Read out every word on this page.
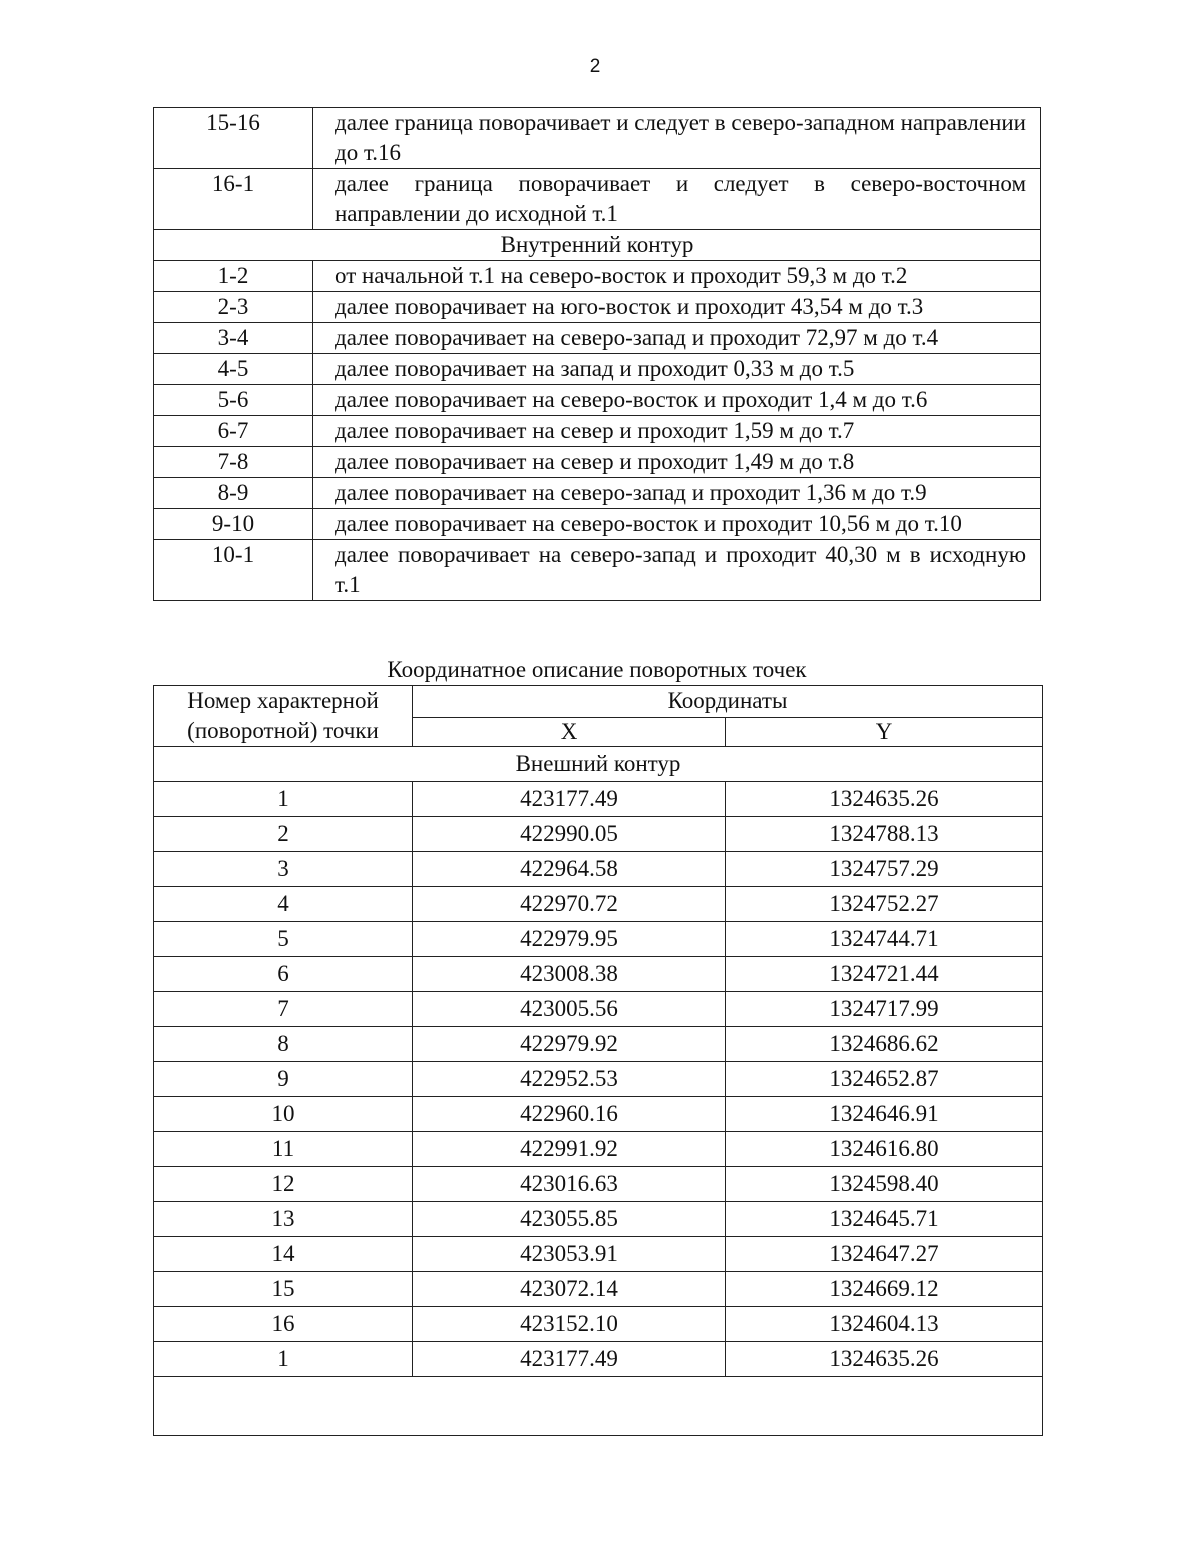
2
15-16	далее граница поворачивает и следует в северо-западном направлении до т.16
16-1	далее граница поворачивает и следует в северо-восточном направлении до исходной т.1
Внутренний контур	
1-2	от начальной т.1 на северо-восток и проходит 59,3 м до т.2
2-3	далее поворачивает на юго-восток и проходит 43,54 м до т.3
3-4	далее поворачивает на северо-запад и проходит 72,97 м до т.4
4-5	далее поворачивает на запад и проходит 0,33 м до т.5
5-6	далее поворачивает на северо-восток и проходит 1,4 м до т.6
6-7	далее поворачивает на север и проходит 1,59 м до т.7
7-8	далее поворачивает на север и проходит 1,49 м до т.8
8-9	далее поворачивает на северо-запад и проходит 1,36 м до т.9
9-10	далее поворачивает на северо-восток и проходит 10,56 м до т.10
10-1	далее поворачивает на северо-запад и проходит 40,30 м в исходную т.1
Координатное описание поворотных точек
Номер характерной (поворотной) точки	Координаты	
	X	Y
Внешний контур		
1	423177.49	1324635.26
2	422990.05	1324788.13
3	422964.58	1324757.29
4	422970.72	1324752.27
5	422979.95	1324744.71
6	423008.38	1324721.44
7	423005.56	1324717.99
8	422979.92	1324686.62
9	422952.53	1324652.87
10	422960.16	1324646.91
11	422991.92	1324616.80
12	423016.63	1324598.40
13	423055.85	1324645.71
14	423053.91	1324647.27
15	423072.14	1324669.12
16	423152.10	1324604.13
1	423177.49	1324635.26
